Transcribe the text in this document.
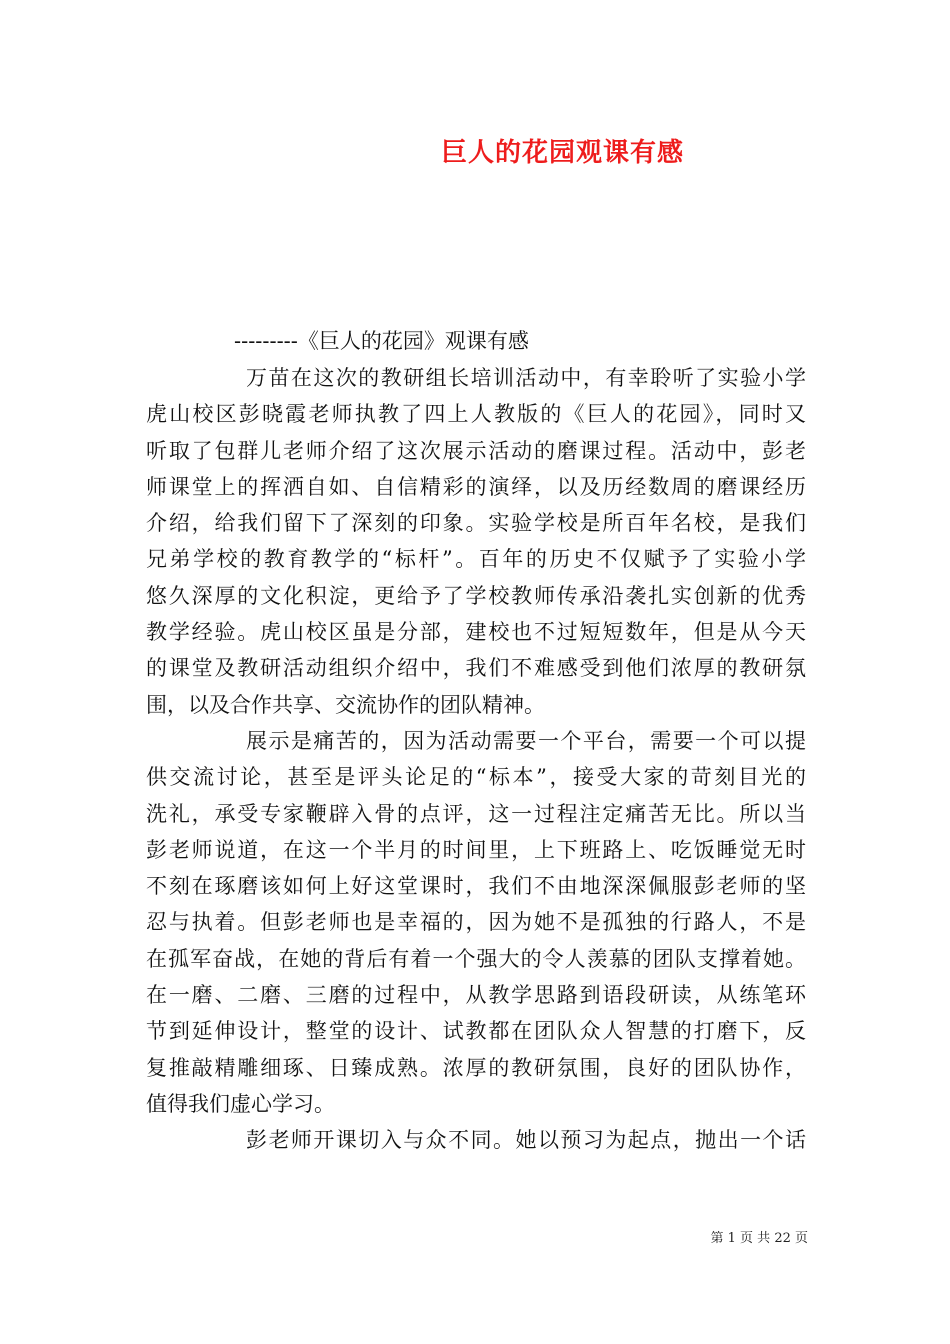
巨人的花园观课有感
---------《巨人的花园》观课有感
万苗在这次的教研组长培训活动中，有幸聆听了实验小学
虎山校区彭晓霞老师执教了四上人教版的《巨人的花园》，同时又
听取了包群儿老师介绍了这次展示活动的磨课过程。活动中，彭老
师课堂上的挥洒自如、自信精彩的演绎，以及历经数周的磨课经历
介绍，给我们留下了深刻的印象。实验学校是所百年名校，是我们
兄弟学校的教育教学的“标杆”。百年的历史不仅赋予了实验小学
悠久深厚的文化积淀，更给予了学校教师传承沿袭扎实创新的优秀
教学经验。虎山校区虽是分部，建校也不过短短数年，但是从今天
的课堂及教研活动组织介绍中，我们不难感受到他们浓厚的教研氛
围，以及合作共享、交流协作的团队精神。
展示是痛苦的，因为活动需要一个平台，需要一个可以提
供交流讨论，甚至是评头论足的“标本”，接受大家的苛刻目光的
洗礼，承受专家鞭辟入骨的点评，这一过程注定痛苦无比。所以当
彭老师说道，在这一个半月的时间里，上下班路上、吃饭睡觉无时
不刻在琢磨该如何上好这堂课时，我们不由地深深佩服彭老师的坚
忍与执着。但彭老师也是幸福的，因为她不是孤独的行路人，不是
在孤军奋战，在她的背后有着一个强大的令人羡慕的团队支撑着她。
在一磨、二磨、三磨的过程中，从教学思路到语段研读，从练笔环
节到延伸设计，整堂的设计、试教都在团队众人智慧的打磨下，反
复推敲精雕细琢、日臻成熟。浓厚的教研氛围，良好的团队协作，
值得我们虚心学习。
彭老师开课切入与众不同。她以预习为起点，抛出一个话
第 1 页 共 22 页
